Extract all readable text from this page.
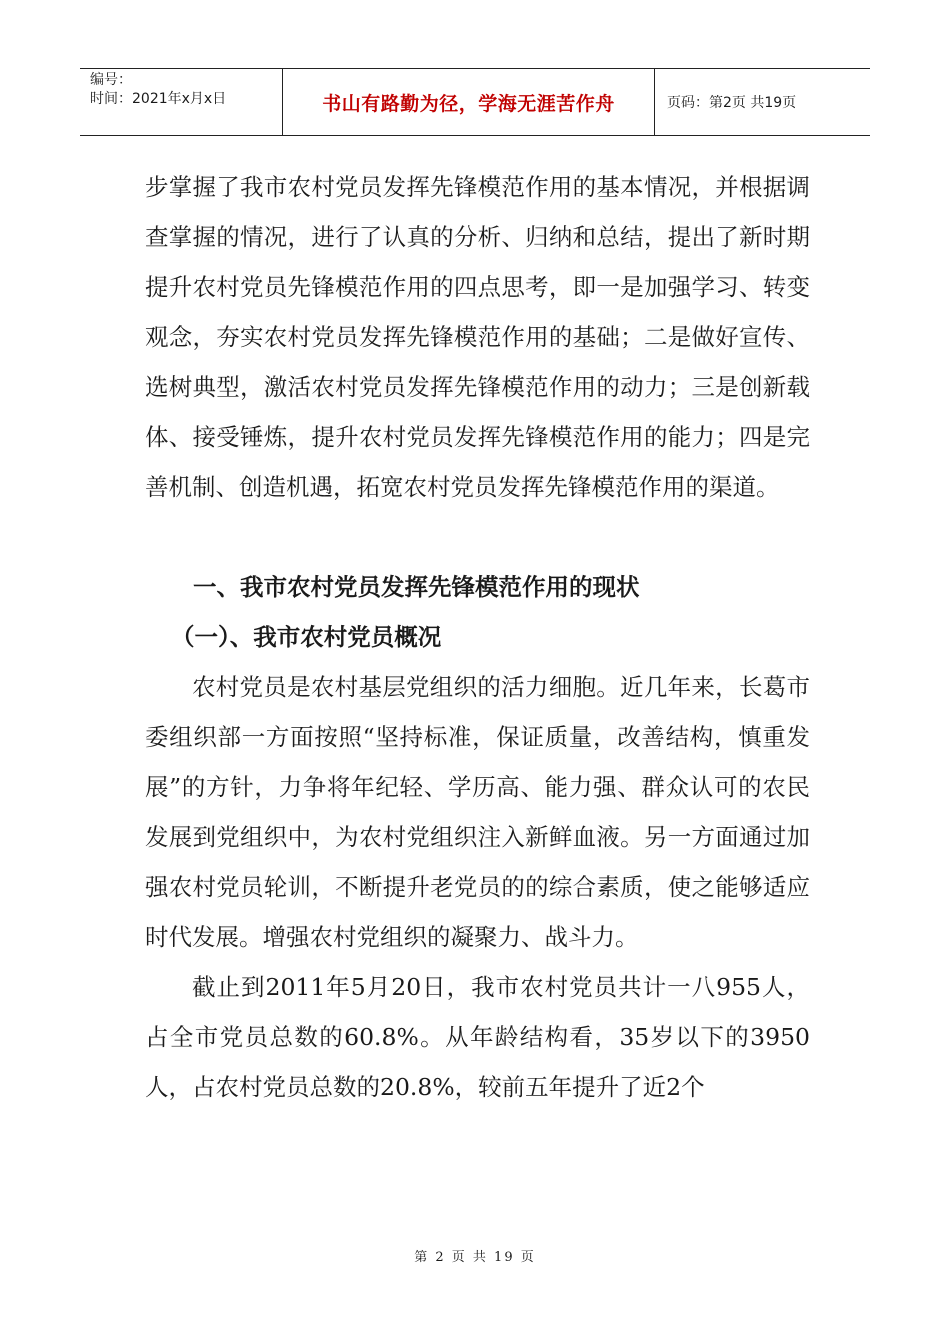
编号：
时间：2021年x月x日	书山有路勤为径，学海无涯苦作舟	页码：第2页 共19页

步掌握了我市农村党员发挥先锋模范作用的基本情况，并根据调查掌握的情况，进行了认真的分析、归纳和总结，提出了新时期提升农村党员先锋模范作用的四点思考，即一是加强学习、转变观念，夯实农村党员发挥先锋模范作用的基础；二是做好宣传、选树典型，激活农村党员发挥先锋模范作用的动力；三是创新载体、接受锤炼，提升农村党员发挥先锋模范作用的能力；四是完善机制、创造机遇，拓宽农村党员发挥先锋模范作用的渠道。

一、我市农村党员发挥先锋模范作用的现状

（一）、我市农村党员概况

农村党员是农村基层党组织的活力细胞。近几年来，长葛市委组织部一方面按照“坚持标准，保证质量，改善结构，慎重发展”的方针，力争将年纪轻、学历高、能力强、群众认可的农民发展到党组织中，为农村党组织注入新鲜血液。另一方面通过加强农村党员轮训，不断提升老党员的的综合素质，使之能够适应时代发展。增强农村党组织的凝聚力、战斗力。

截止到2011年5月20日，我市农村党员共计一八955人，占全市党员总数的60.8%。从年龄结构看，35岁以下的3950人，占农村党员总数的20.8%，较前五年提升了近2个

第 2 页 共 19 页
